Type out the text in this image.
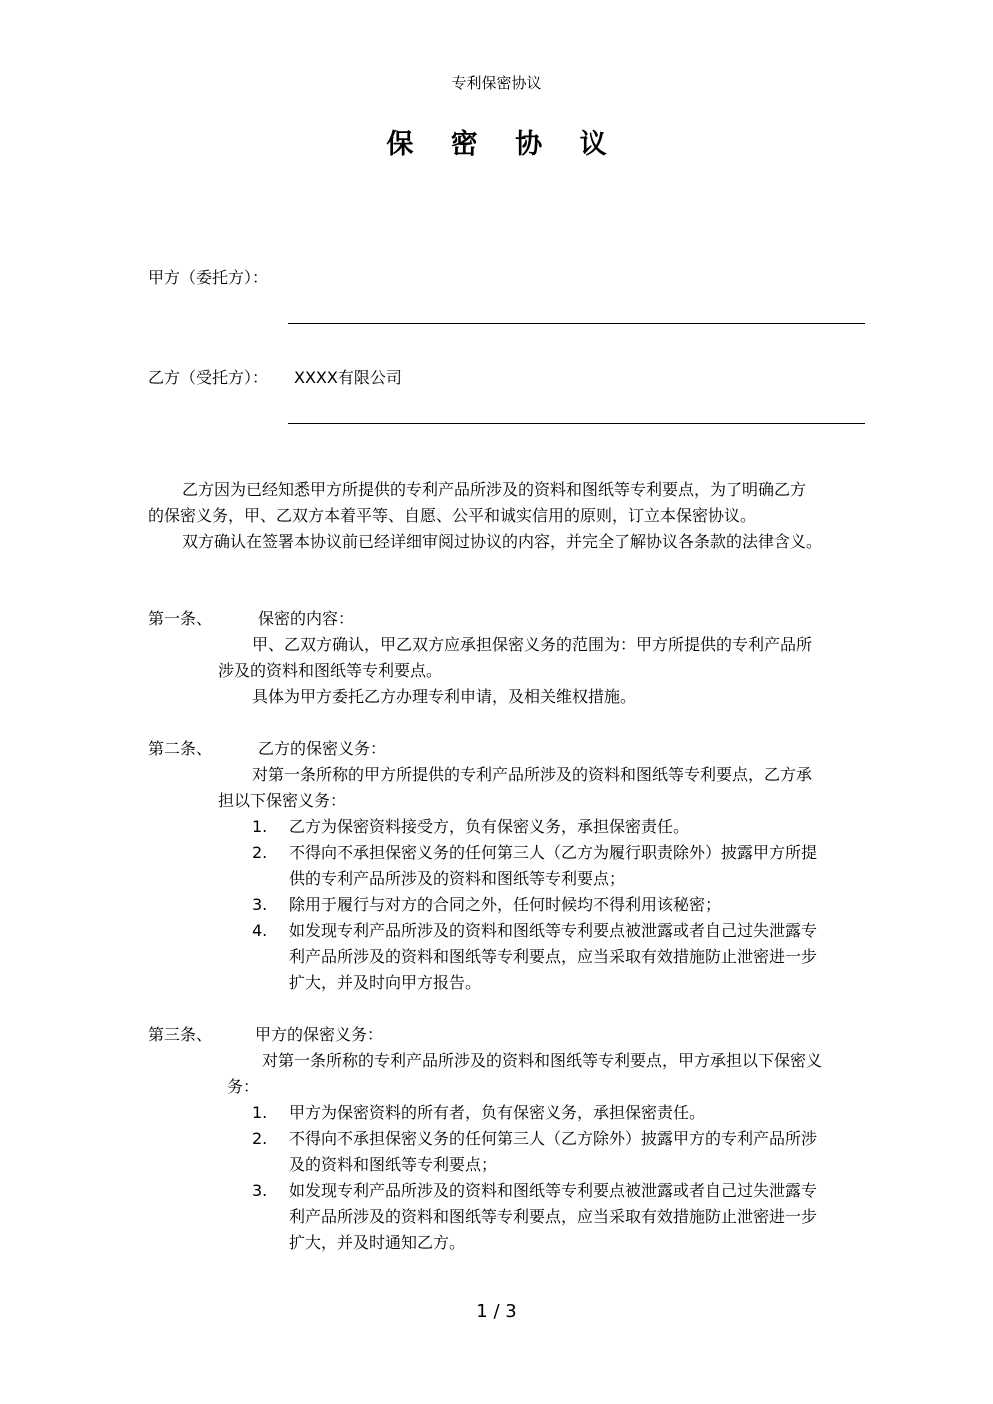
专利保密协议
保 密 协 议
甲方（委托方）：
乙方（受托方）： XXXX有限公司
乙方因为已经知悉甲方所提供的专利产品所涉及的资料和图纸等专利要点，为了明确乙方
的保密义务，甲、乙双方本着平等、自愿、公平和诚实信用的原则，订立本保密协议。
双方确认在签署本协议前已经详细审阅过协议的内容，并完全了解协议各条款的法律含义。
第一条、	保密的内容：
甲、乙双方确认，甲乙双方应承担保密义务的范围为：甲方所提供的专利产品所
涉及的资料和图纸等专利要点。
具体为甲方委托乙方办理专利申请，及相关维权措施。
第二条、	乙方的保密义务：
对第一条所称的甲方所提供的专利产品所涉及的资料和图纸等专利要点，乙方承
担以下保密义务：
1. 乙方为保密资料接受方，负有保密义务，承担保密责任。
2. 不得向不承担保密义务的任何第三人（乙方为履行职责除外）披露甲方所提
供的专利产品所涉及的资料和图纸等专利要点；
3. 除用于履行与对方的合同之外，任何时候均不得利用该秘密；
4. 如发现专利产品所涉及的资料和图纸等专利要点被泄露或者自己过失泄露专
利产品所涉及的资料和图纸等专利要点，应当采取有效措施防止泄密进一步
扩大，并及时向甲方报告。
第三条、	甲方的保密义务：
对第一条所称的专利产品所涉及的资料和图纸等专利要点，甲方承担以下保密义
务：
1. 甲方为保密资料的所有者，负有保密义务，承担保密责任。
2. 不得向不承担保密义务的任何第三人（乙方除外）披露甲方的专利产品所涉
及的资料和图纸等专利要点；
3. 如发现专利产品所涉及的资料和图纸等专利要点被泄露或者自己过失泄露专
利产品所涉及的资料和图纸等专利要点，应当采取有效措施防止泄密进一步
扩大，并及时通知乙方。
1 / 3
